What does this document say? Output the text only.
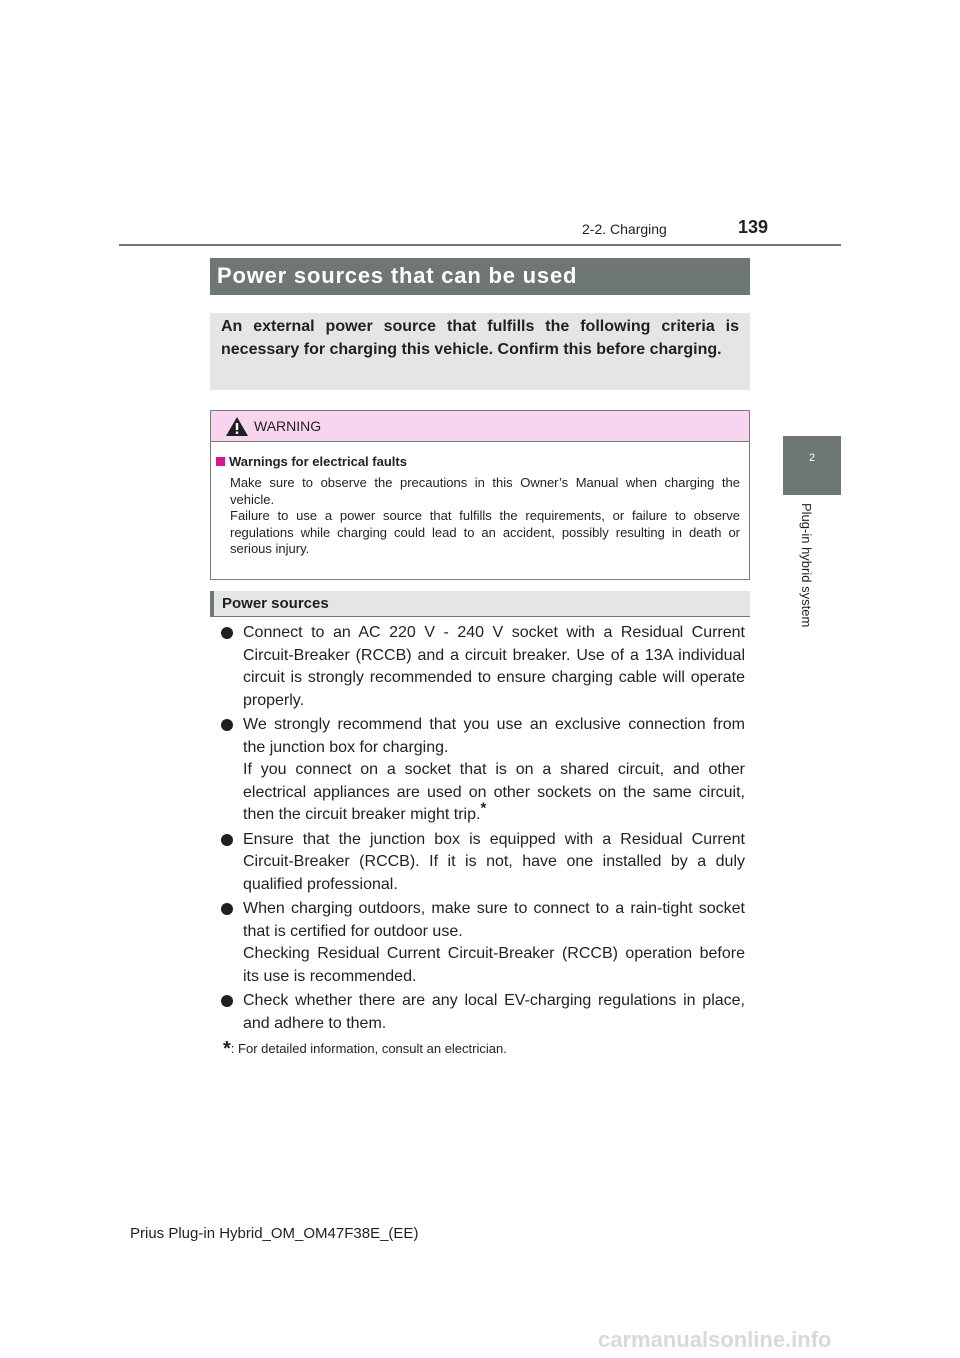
2-2. Charging	139
2
Plug-in hybrid system
Power sources that can be used
An external power source that fulfills the following criteria is necessary for charging this vehicle. Confirm this before charging.
WARNING
Warnings for electrical faults

Make sure to observe the precautions in this Owner’s Manual when charging the vehicle.

Failure to use a power source that fulfills the requirements, or failure to observe regulations while charging could lead to an accident, possibly resulting in death or serious injury.

Power sources

Connect to an AC 220 V - 240 V socket with a Residual Current Circuit-Breaker (RCCB) and a circuit breaker. Use of a 13A individual circuit is strongly recommended to ensure charging cable will operate properly.

We strongly recommend that you use an exclusive connection from the junction box for charging.

If you connect on a socket that is on a shared circuit, and other electrical appliances are used on other sockets on the same circuit, then the circuit breaker might trip.*

Ensure that the junction box is equipped with a Residual Current Circuit-Breaker (RCCB). If it is not, have one installed by a duly qualified professional.

When charging outdoors, make sure to connect to a rain-tight socket that is certified for outdoor use.

Checking Residual Current Circuit-Breaker (RCCB) operation before its use is recommended.

Check whether there are any local EV-charging regulations in place, and adhere to them.

*: For detailed information, consult an electrician.
Prius Plug-in Hybrid_OM_OM47F38E_(EE)
carmanualsonline.info
